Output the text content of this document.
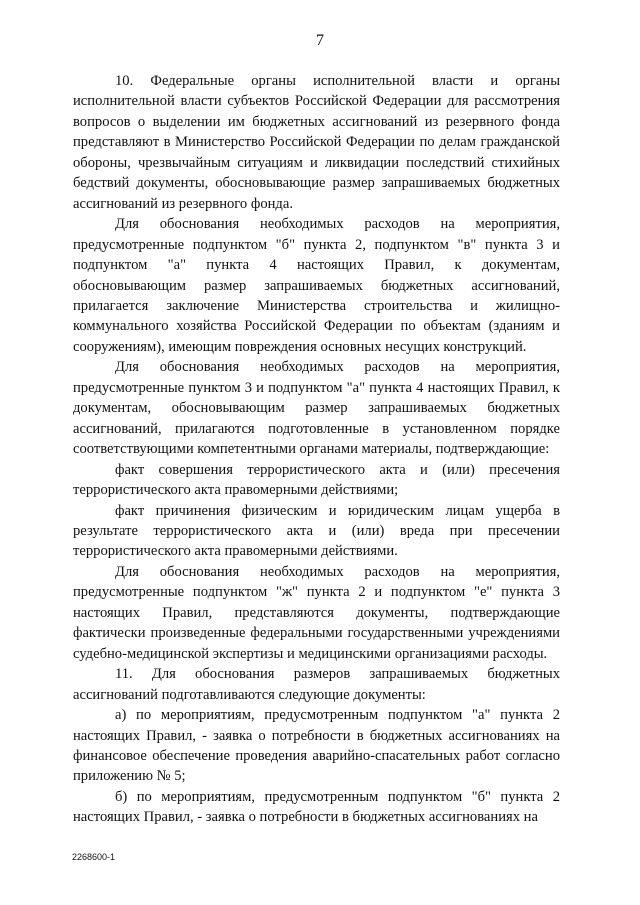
7

10. Федеральные органы исполнительной власти и органы исполнительной власти субъектов Российской Федерации для рассмотрения вопросов о выделении им бюджетных ассигнований из резервного фонда представляют в Министерство Российской Федерации по делам гражданской обороны, чрезвычайным ситуациям и ликвидации последствий стихийных бедствий документы, обосновывающие размер запрашиваемых бюджетных ассигнований из резервного фонда.

Для обоснования необходимых расходов на мероприятия, предусмотренные подпунктом "б" пункта 2, подпунктом "в" пункта 3 и подпунктом "а" пункта 4 настоящих Правил, к документам, обосновывающим размер запрашиваемых бюджетных ассигнований, прилагается заключение Министерства строительства и жилищно-коммунального хозяйства Российской Федерации по объектам (зданиям и сооружениям), имеющим повреждения основных несущих конструкций.

Для обоснования необходимых расходов на мероприятия, предусмотренные пунктом 3 и подпунктом "а" пункта 4 настоящих Правил, к документам, обосновывающим размер запрашиваемых бюджетных ассигнований, прилагаются подготовленные в установленном порядке соответствующими компетентными органами материалы, подтверждающие:

факт совершения террористического акта и (или) пресечения террористического акта правомерными действиями;

факт причинения физическим и юридическим лицам ущерба в результате террористического акта и (или) вреда при пресечении террористического акта правомерными действиями.

Для обоснования необходимых расходов на мероприятия, предусмотренные подпунктом "ж" пункта 2 и подпунктом "е" пункта 3 настоящих Правил, представляются документы, подтверждающие фактически произведенные федеральными государственными учреждениями судебно-медицинской экспертизы и медицинскими организациями расходы.

11. Для обоснования размеров запрашиваемых бюджетных ассигнований подготавливаются следующие документы:

а) по мероприятиям, предусмотренным подпунктом "а" пункта 2 настоящих Правил, - заявка о потребности в бюджетных ассигнованиях на финансовое обеспечение проведения аварийно-спасательных работ согласно приложению № 5;

б) по мероприятиям, предусмотренным подпунктом "б" пункта 2 настоящих Правил, - заявка о потребности в бюджетных ассигнованиях на

2268600-1
